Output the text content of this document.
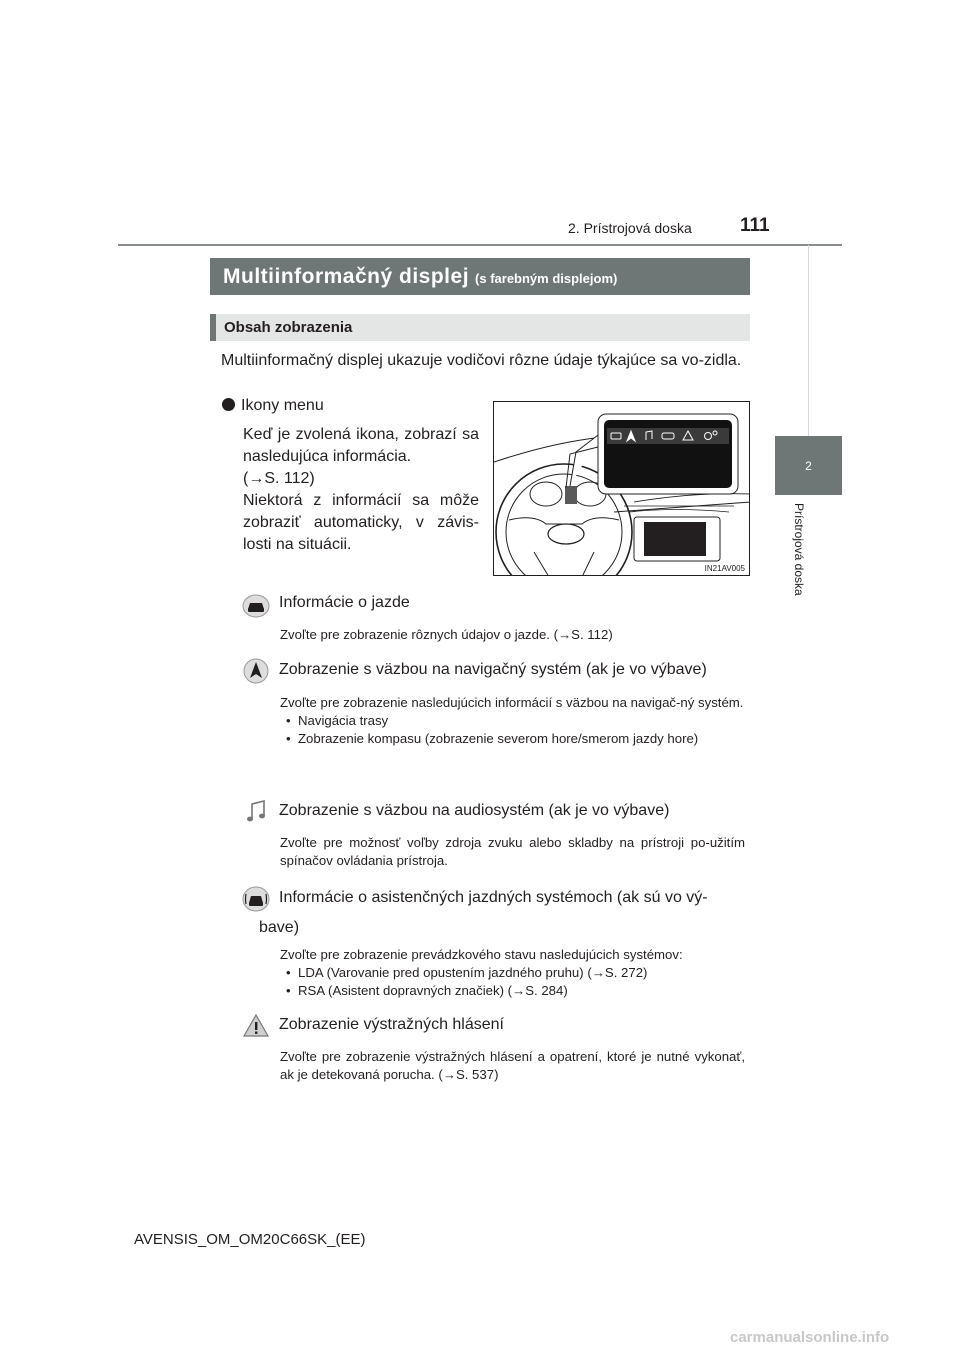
2. Prístrojová doska	111
2
Prístrojová doska
Multiinformačný displej (s farebným displejom)
Obsah zobrazenia
Multiinformačný displej ukazuje vodičovi rôzne údaje týkajúce sa vo-zidla.
Ikony menu

Keď je zvolená ikona, zobrazí sa nasledujúca informácia.

(→S. 112)

Niektorá z informácií sa môže zobraziť automaticky, v závis-losti na situácii.

IN21AV005
Informácie o jazde
Zvoľte pre zobrazenie rôznych údajov o jazde. (→S. 112)
Zobrazenie s väzbou na navigačný systém (ak je vo výbave)
Zvoľte pre zobrazenie nasledujúcich informácií s väzbou na navigač-ný systém.
• Navigácia trasy
• Zobrazenie kompasu (zobrazenie severom hore/smerom jazdy hore)
Zobrazenie s väzbou na audiosystém (ak je vo výbave)
Zvoľte pre možnosť voľby zdroja zvuku alebo skladby na prístroji po-užitím spínačov ovládania prístroja.
Informácie o asistenčných jazdných systémoch (ak sú vo vý-
bave)
Zvoľte pre zobrazenie prevádzkového stavu nasledujúcich systémov:
• LDA (Varovanie pred opustením jazdného pruhu) (→S. 272)
• RSA (Asistent dopravných značiek) (→S. 284)
Zobrazenie výstražných hlásení
Zvoľte pre zobrazenie výstražných hlásení a opatrení, ktoré je nutné vykonať, ak je detekovaná porucha. (→S. 537)
AVENSIS_OM_OM20C66SK_(EE)
carmanualsonline.info
